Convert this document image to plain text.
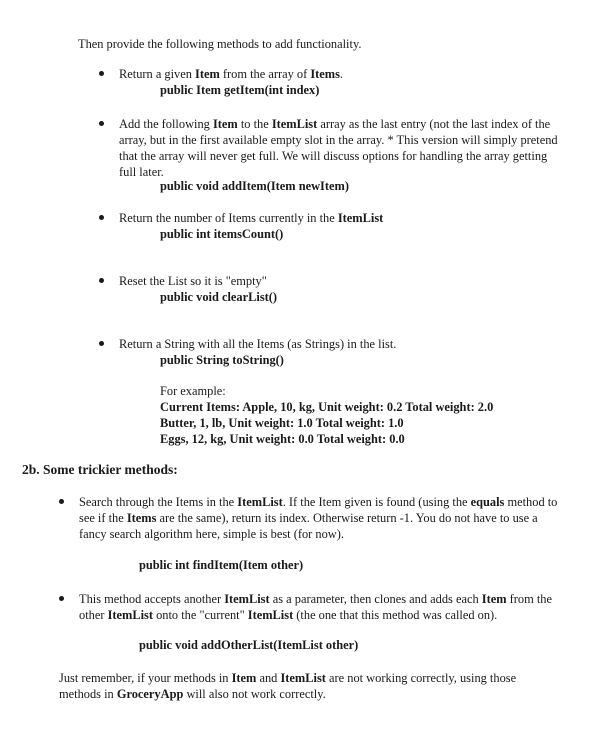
Then provide the following methods to add functionality.
Return a given Item from the array of Items.
public Item getItem(int index)
Add the following Item to the ItemList array as the last entry (not the last index of the
array, but in the first available empty slot in the array. * This version will simply pretend
that the array will never get full. We will discuss options for handling the array getting
full later.
public void addItem(Item newItem)
Return the number of Items currently in the ItemList
public int itemsCount()
Reset the List so it is "empty"
public void clearList()
Return a String with all the Items (as Strings) in the list.
public String toString()
For example:
Current Items: Apple, 10, kg, Unit weight: 0.2 Total weight: 2.0
Butter, 1, lb, Unit weight: 1.0 Total weight: 1.0
Eggs, 12, kg, Unit weight: 0.0 Total weight: 0.0
2b. Some trickier methods:
Search through the Items in the ItemList. If the Item given is found (using the equals method to
see if the Items are the same), return its index. Otherwise return -1. You do not have to use a
fancy search algorithm here, simple is best (for now).
public int findItem(Item other)
This method accepts another ItemList as a parameter, then clones and adds each Item from the
other ItemList onto the "current" ItemList (the one that this method was called on).
public void addOtherList(ItemList other)
Just remember, if your methods in Item and ItemList are not working correctly, using those
methods in GroceryApp will also not work correctly.
